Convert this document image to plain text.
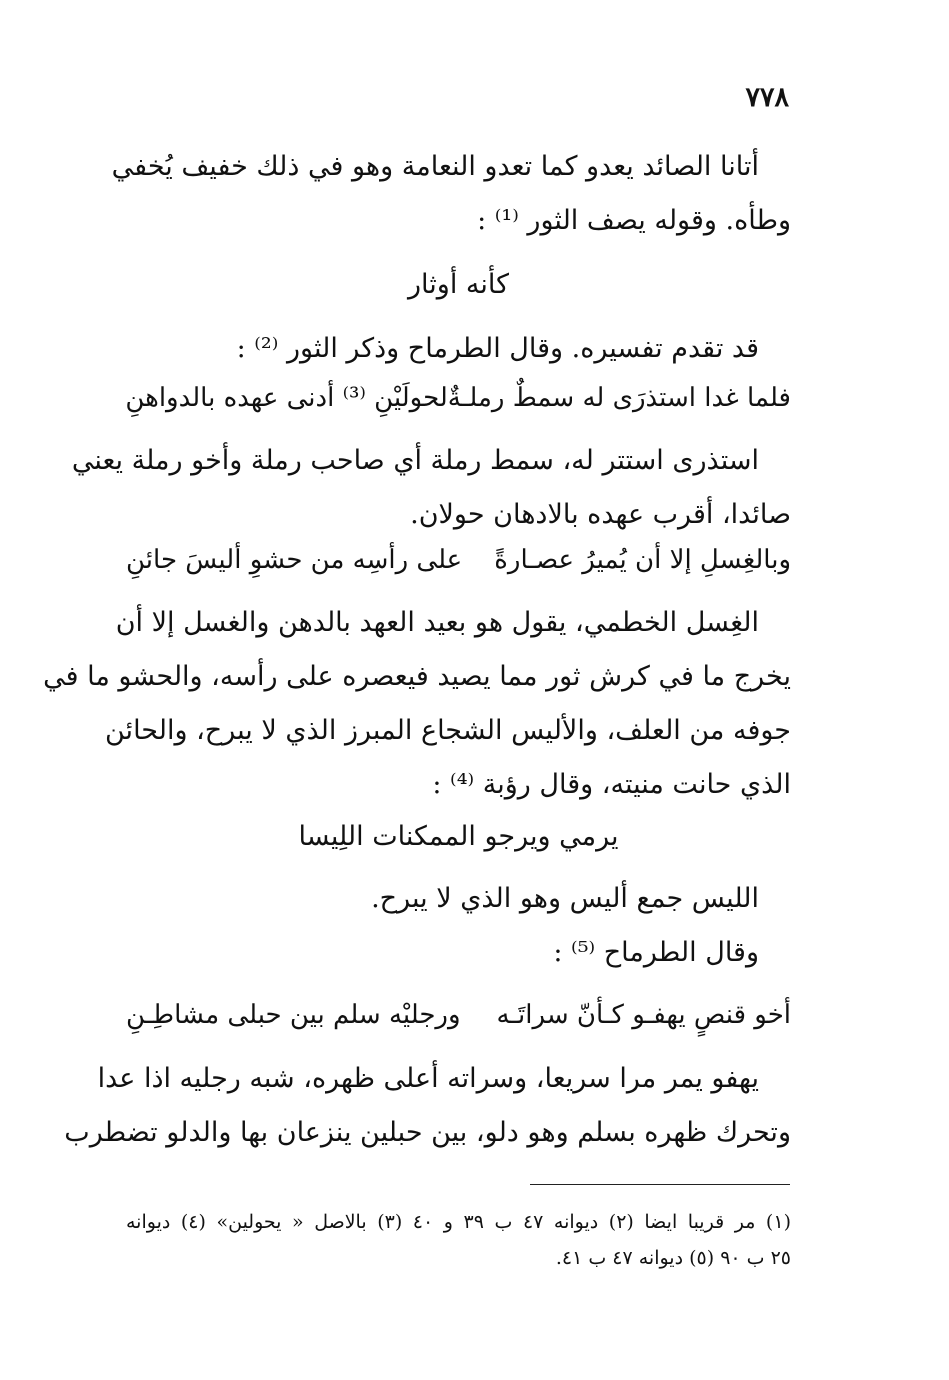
٧٧٨
أتانا الصائد يعدو كما تعدو النعامة وهو في ذلك خفيف يُخفي
وطأه. وقوله يصف الثور ⁽¹⁾ :
كأنه أوثار
قد تقدم تفسيره. وقال الطرماح وذكر الثور ⁽²⁾ :
فلما غدا استذرَى له سمطٌ رملـةٌ
لحولَيْنِ ⁽³⁾ أدنى عهده بالدواهنِ
استذرى استتر له، سمط رملة أي صاحب رملة وأخو رملة يعني
صائدا، أقرب عهده بالادهان حولان.
وبالغِسلِ إلا أن يُميرُ عصـارةً
على رأسِه من حشوِ أليسَ جائنِ
الغِسل الخطمي، يقول هو بعيد العهد بالدهن والغسل إلا أن
يخرج ما في كرش ثور مما يصيد فيعصره على رأسه، والحشو ما في
جوفه من العلف، والأليس الشجاع المبرز الذي لا يبرح، والحائن
الذي حانت منيته، وقال رؤبة ⁽⁴⁾ :
يرمي ويرجو الممكنات اللِيسا
الليس جمع أليس وهو الذي لا يبرح.
وقال الطرماح ⁽⁵⁾ :
أخو قنصٍ يهفـو كـأنّ سراتَـه
ورجليْه سلم بين حبلى مشاطِـنِ
يهفو يمر مرا سريعا، وسراته أعلى ظهره، شبه رجليه اذا عدا
وتحرك ظهره بسلم وهو دلو، بين حبلين ينزعان بها والدلو تضطرب
(١) مر قريبا ايضا (٢) ديوانه ٤٧ ب ٣٩ و ٤٠ (٣) بالاصل « يحولين» (٤) ديوانه
٢٥ ب ٩٠ (٥) ديوانه ٤٧ ب ٤١.
